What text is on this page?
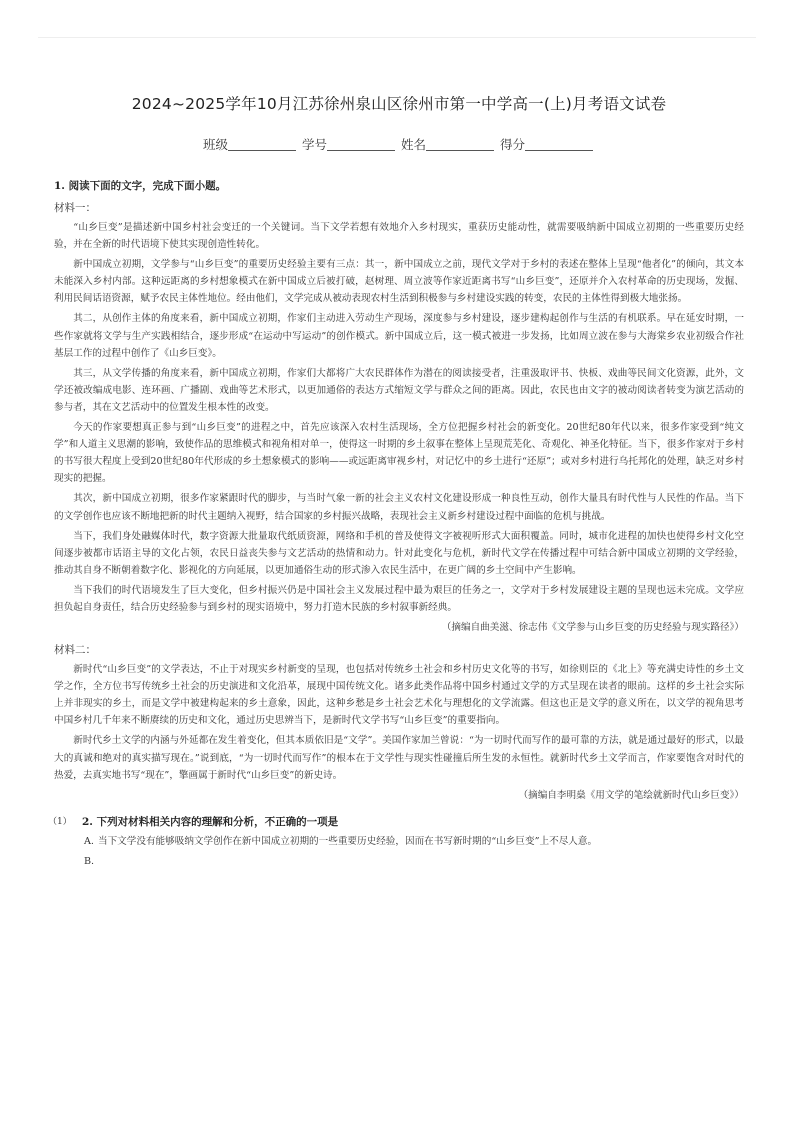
2024~2025学年10月江苏徐州泉山区徐州市第一中学高一(上)月考语文试卷
班级	学号	姓名	得分
1. 阅读下面的文字，完成下面小题。
材料一：

“山乡巨变”是描述新中国乡村社会变迁的一个关键词。当下文学若想有效地介入乡村现实，重获历史能动性，就需要吸纳新中国成立初期的一些重要历史经验，并在全新的时代语境下使其实现创造性转化。

新中国成立初期，文学参与“山乡巨变”的重要历史经验主要有三点：其一，新中国成立之前，现代文学对于乡村的表述在整体上呈现“他者化”的倾向，其文本未能深入乡村内部。这种远距离的乡村想象模式在新中国成立后被打破，赵树理、周立波等作家近距离书写“山乡巨变”，还原并介入农村革命的历史现场，发掘、利用民间话语资源，赋予农民主体性地位。经由他们，文学完成从被动表现农村生活到积极参与乡村建设实践的转变，农民的主体性得到极大地张扬。

其二，从创作主体的角度来看，新中国成立初期，作家们主动进入劳动生产现场，深度参与乡村建设，逐步建构起创作与生活的有机联系。早在延安时期，一些作家就将文学与生产实践相结合，逐步形成“在运动中写运动”的创作模式。新中国成立后，这一模式被进一步发扬，比如周立波在参与大海棠乡农业初级合作社基层工作的过程中创作了《山乡巨变》。

其三，从文学传播的角度来看，新中国成立初期，作家们大都将广大农民群体作为潜在的阅读接受者，注重汲取评书、快板、戏曲等民间文化资源，此外，文学还被改编成电影、连环画、广播剧、戏曲等艺术形式，以更加通俗的表达方式缩短文学与群众之间的距离。因此，农民也由文字的被动阅读者转变为演艺活动的参与者，其在文艺活动中的位置发生根本性的改变。

今天的作家要想真正参与到“山乡巨变”的进程之中，首先应该深入农村生活现场，全方位把握乡村社会的新变化。20世纪80年代以来，很多作家受到“纯文学”和人道主义思潮的影响，致使作品的思维模式和视角相对单一，使得这一时期的乡土叙事在整体上呈现荒芜化、奇观化、神圣化特征。当下，很多作家对于乡村的书写很大程度上受到20世纪80年代形成的乡土想象模式的影响——或远距离审视乡村，对记忆中的乡土进行“还原”；或对乡村进行乌托邦化的处理，缺乏对乡村现实的把握。

其次，新中国成立初期，很多作家紧跟时代的脚步，与当时气象一新的社会主义农村文化建设形成一种良性互动，创作大量具有时代性与人民性的作品。当下的文学创作也应该不断地把新的时代主题纳入视野，结合国家的乡村振兴战略，表现社会主义新乡村建设过程中面临的危机与挑战。

当下，我们身处融媒体时代，数字资源大批量取代纸质资源，网络和手机的普及使得文字被视听形式大面积覆盖。同时，城市化进程的加快也使得乡村文化空间逐步被都市话语主导的文化占领，农民日益丧失参与文艺活动的热情和动力。针对此变化与危机，新时代文学在传播过程中可结合新中国成立初期的文学经验，推动其自身不断朝着数字化、影视化的方向延展，以更加通俗生动的形式渗入农民生活中，在更广阔的乡土空间中产生影响。

当下我们的时代语境发生了巨大变化，但乡村振兴仍是中国社会主义发展过程中最为艰巨的任务之一，文学对于乡村发展建设主题的呈现也远未完成。文学应担负起自身责任，结合历史经验参与到乡村的现实语境中，努力打造木民族的乡村叙事新经典。

（摘编自曲美滋、徐志伟《文学参与山乡巨变的历史经验与现实路径》）
材料二：

新时代“山乡巨变”的文学表达，不止于对现实乡村新变的呈现，也包括对传统乡土社会和乡村历史文化等的书写，如徐则臣的《北上》等充满史诗性的乡土文学之作，全方位书写传统乡土社会的历史演进和文化沿革，展现中国传统文化。诸多此类作品将中国乡村通过文学的方式呈现在读者的眼前。这样的乡土社会实际上并非现实的乡土，而是文学中被建构起来的乡土意象，因此，这种乡愁是乡土社会艺术化与理想化的文学流露。但这也正是文学的意义所在，以文学的视角思考中国乡村几千年来不断赓续的历史和文化，通过历史思辨当下，是新时代文学书写“山乡巨变”的重要指向。

新时代乡土文学的内涵与外延都在发生着变化，但其本质依旧是“文学”。美国作家加兰曾说：“为一切时代而写作的最可靠的方法，就是通过最好的形式，以最大的真诚和绝对的真实描写现在。”说到底，“为一切时代而写作”的根本在于文学性与现实性碰撞后所生发的永恒性。就新时代乡土文学而言，作家要饱含对时代的热爱，去真实地书写“现在”，擎画属于新时代“山乡巨变”的新史诗。

（摘编自李明燊《用文学的笔绘就新时代山乡巨变》）
（1） 2. 下列对材料相关内容的理解和分析，不正确的一项是
A. 当下文学没有能够吸纳文学创作在新中国成立初期的一些重要历史经验，因而在书写新时期的“山乡巨变”上不尽人意。
B.
